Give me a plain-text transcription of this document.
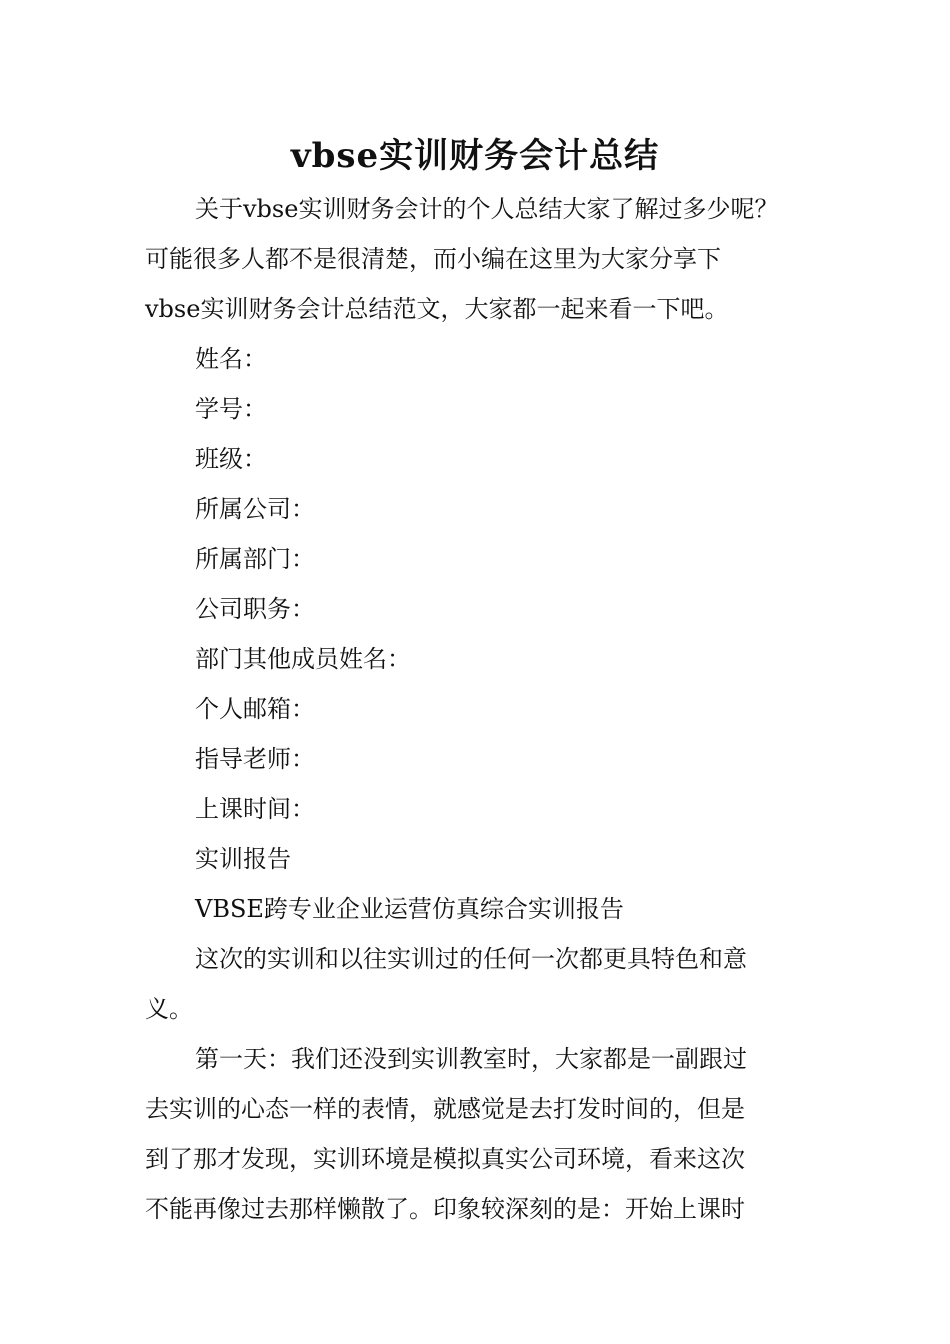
vbse实训财务会计总结
关于vbse实训财务会计的个人总结大家了解过多少呢？
可能很多人都不是很清楚，而小编在这里为大家分享下
vbse实训财务会计总结范文，大家都一起来看一下吧。
姓名：
学号：
班级：
所属公司：
所属部门：
公司职务：
部门其他成员姓名：
个人邮箱：
指导老师：
上课时间：
实训报告
VBSE跨专业企业运营仿真综合实训报告
这次的实训和以往实训过的任何一次都更具特色和意
义。
第一天：我们还没到实训教室时，大家都是一副跟过
去实训的心态一样的表情，就感觉是去打发时间的，但是
到了那才发现，实训环境是模拟真实公司环境，看来这次
不能再像过去那样懒散了。印象较深刻的是：开始上课时
